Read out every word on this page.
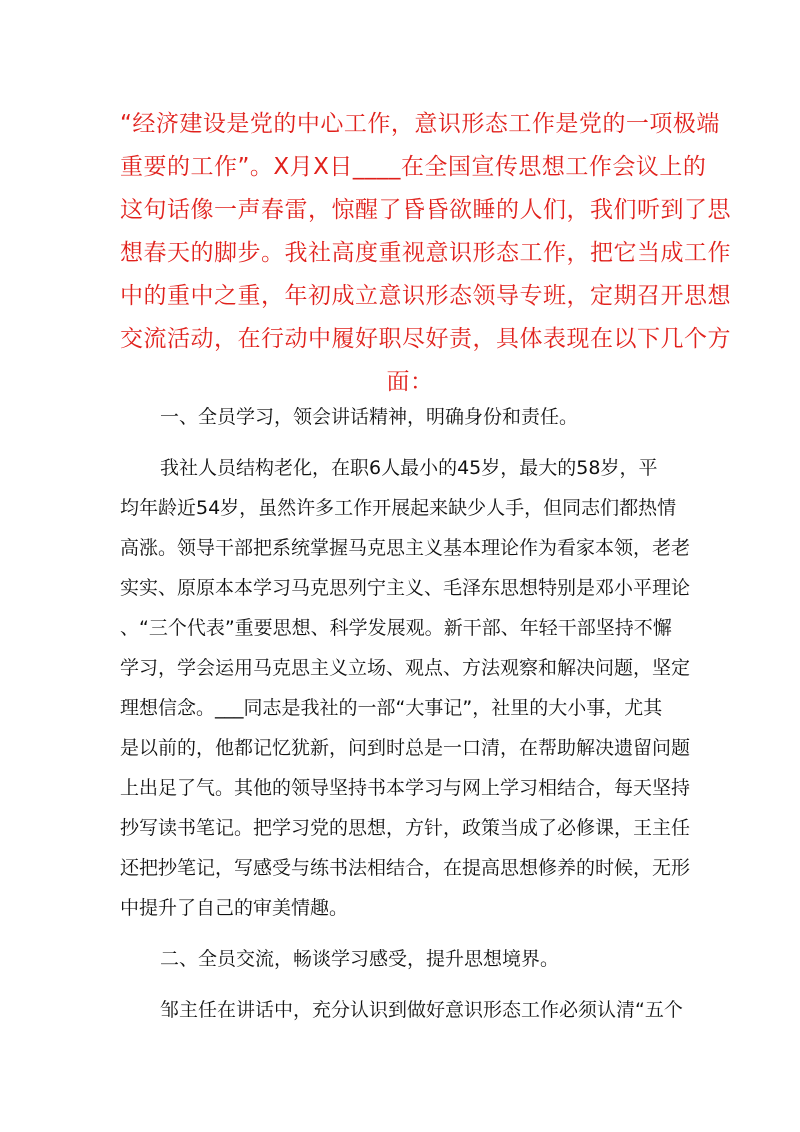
“经济建设是党的中心工作，意识形态工作是党的一项极端

重要的工作”。X月X日____在全国宣传思想工作会议上的

这句话像一声春雷，惊醒了昏昏欲睡的人们，我们听到了思

想春天的脚步。我社高度重视意识形态工作，把它当成工作

中的重中之重，年初成立意识形态领导专班，定期召开思想

交流活动，在行动中履好职尽好责，具体表现在以下几个方

面：

一、全员学习，领会讲话精神，明确身份和责任。

我社人员结构老化，在职6人最小的45岁，最大的58岁，平

均年龄近54岁，虽然许多工作开展起来缺少人手，但同志们都热情

高涨。领导干部把系统掌握马克思主义基本理论作为看家本领，老老

实实、原原本本学习马克思列宁主义、毛泽东思想特别是邓小平理论

、“三个代表”重要思想、科学发展观。新干部、年轻干部坚持不懈

学习，学会运用马克思主义立场、观点、方法观察和解决问题，坚定

理想信念。___同志是我社的一部“大事记”，社里的大小事，尤其

是以前的，他都记忆犹新，问到时总是一口清，在帮助解决遗留问题

上出足了气。其他的领导坚持书本学习与网上学习相结合，每天坚持

抄写读书笔记。把学习党的思想，方针，政策当成了必修课，王主任

还把抄笔记，写感受与练书法相结合，在提高思想修养的时候，无形

中提升了自己的审美情趣。

二、全员交流，畅谈学习感受，提升思想境界。

邹主任在讲话中，充分认识到做好意识形态工作必须认清“五个
